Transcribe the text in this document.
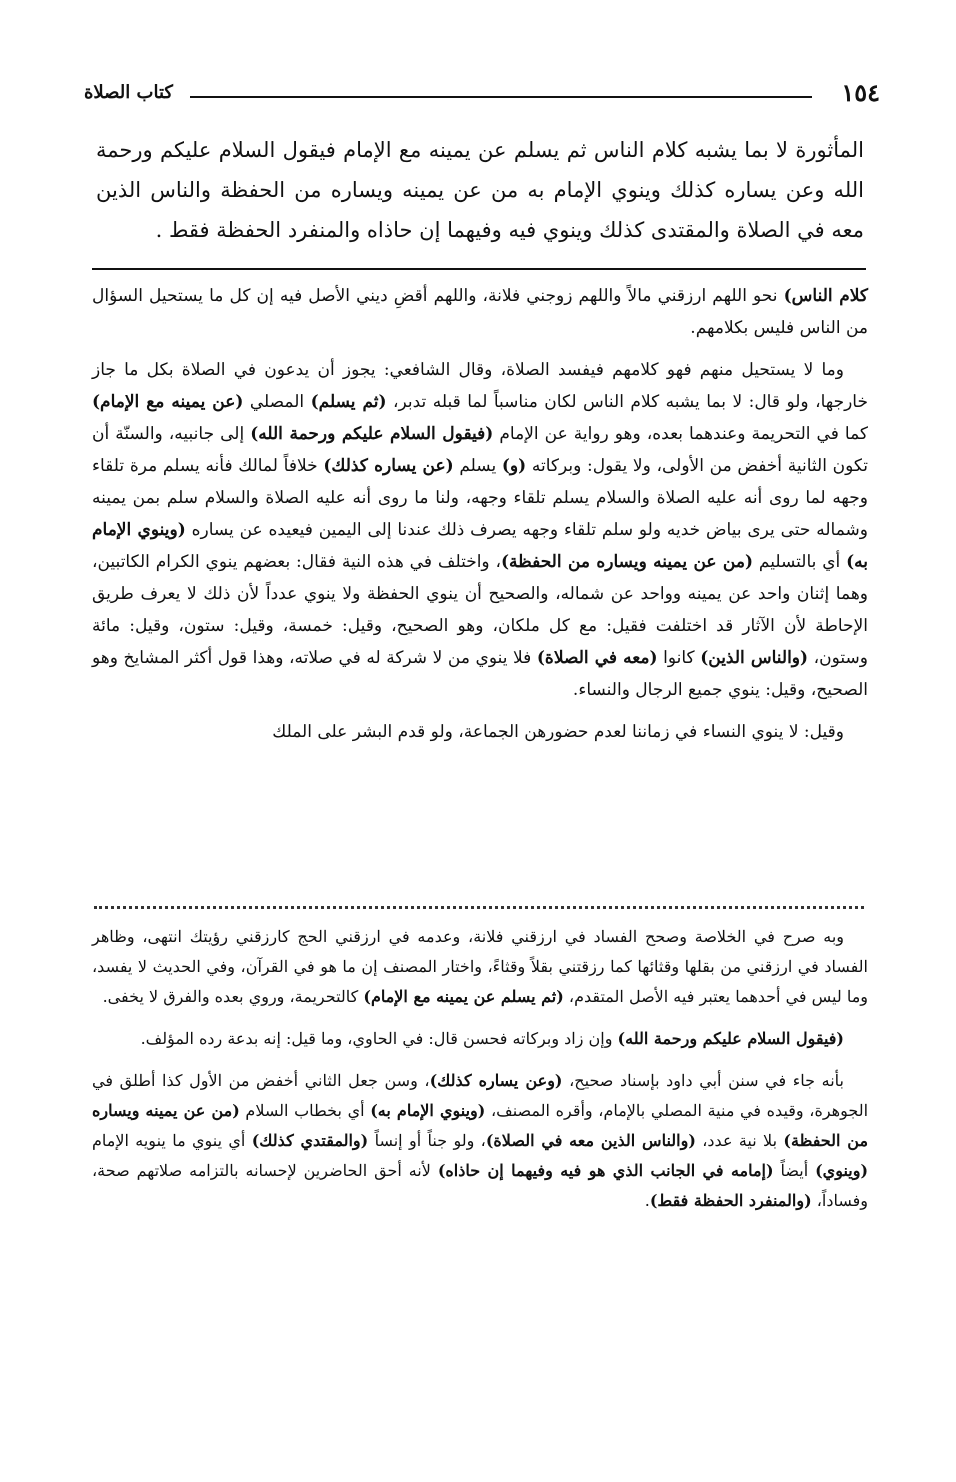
١٥٤
كتاب الصلاة
المأثورة لا بما يشبه كلام الناس ثم يسلم عن يمينه مع الإمام فيقول السلام عليكم ورحمة الله وعن يساره كذلك وينوي الإمام به من عن يمينه ويساره من الحفظة والناس الذين معه في الصلاة والمقتدى كذلك وينوي فيه وفيهما إن حاذاه والمنفرد الحفظة فقط .

كلام الناس) نحو اللهم ارزقني مالاً واللهم زوجني فلانة، واللهم أقضِ ديني الأصل فيه إن كل ما يستحيل السؤال من الناس فليس بكلامهم.

وما لا يستحيل منهم فهو كلامهم فيفسد الصلاة، وقال الشافعي: يجوز أن يدعون في الصلاة بكل ما جاز خارجها، ولو قال: لا بما يشبه كلام الناس لكان مناسباً لما قبله تدبر، (ثم يسلم) المصلي (عن يمينه مع الإمام) كما في التحريمة وعندهما بعده، وهو رواية عن الإمام (فيقول السلام عليكم ورحمة الله) إلى جانبيه، والسنّة أن تكون الثانية أخفض من الأولى، ولا يقول: وبركاته (و) يسلم (عن يساره كذلك) خلافاً لمالك فأنه يسلم مرة تلقاء وجهه لما روى أنه عليه الصلاة والسلام يسلم تلقاء وجهه، ولنا ما روى أنه عليه الصلاة والسلام سلم بمن يمينه وشماله حتى يرى بياض خديه ولو سلم تلقاء وجهه يصرف ذلك عندنا إلى اليمين فيعيده عن يساره (وينوي الإمام به) أي بالتسليم (من عن يمينه ويساره من الحفظة)، واختلف في هذه النية فقال: بعضهم ينوي الكرام الكاتبين، وهما إثنان واحد عن يمينه وواحد عن شماله، والصحيح أن ينوي الحفظة ولا ينوي عدداً لأن ذلك لا يعرف طريق الإحاطة لأن الآثار قد اختلفت فقيل: مع كل ملكان، وهو الصحيح، وقيل: خمسة، وقيل: ستون، وقيل: مائة وستون، (والناس الذين) كانوا (معه في الصلاة) فلا ينوي من لا شركة له في صلاته، وهذا قول أكثر المشايخ وهو الصحيح، وقيل: ينوي جميع الرجال والنساء.

وقيل: لا ينوي النساء في زماننا لعدم حضورهن الجماعة، ولو قدم البشر على الملك

وبه صرح في الخلاصة وصحح الفساد في ارزقني فلانة، وعدمه في ارزقني الحج كارزقني رؤيتك انتهى، وظاهر الفساد في ارزقني من بقلها وقثائها كما رزقتني بقلاً وقثاءً، واختار المصنف إن ما هو في القرآن، وفي الحديث لا يفسد، وما ليس في أحدهما يعتبر فيه الأصل المتقدم، (ثم يسلم عن يمينه مع الإمام) كالتحريمة، وروي بعده والفرق لا يخفى.

(فيقول السلام عليكم ورحمة الله) وإن زاد وبركاته فحسن قال: في الحاوي، وما قيل: إنه بدعة رده المؤلف.

بأنه جاء في سنن أبي داود بإسناد صحيح، (وعن يساره كذلك)، وسن جعل الثاني أخفض من الأول كذا أطلق في الجوهرة، وقيده في منية المصلي بالإمام، وأقره المصنف، (وينوي الإمام به) أي بخطاب السلام (من عن يمينه ويساره من الحفظة) بلا نية عدد، (والناس الذين معه في الصلاة)، ولو جناً أو إنساً (والمقتدي كذلك) أي ينوي ما ينويه الإمام (وينوي) أيضاً (إمامه في الجانب الذي هو فيه وفيهما إن حاذاه) لأنه أحق الحاضرين لإحسانه بالتزامه صلاتهم صحة، وفساداً، (والمنفرد الحفظة فقط).
